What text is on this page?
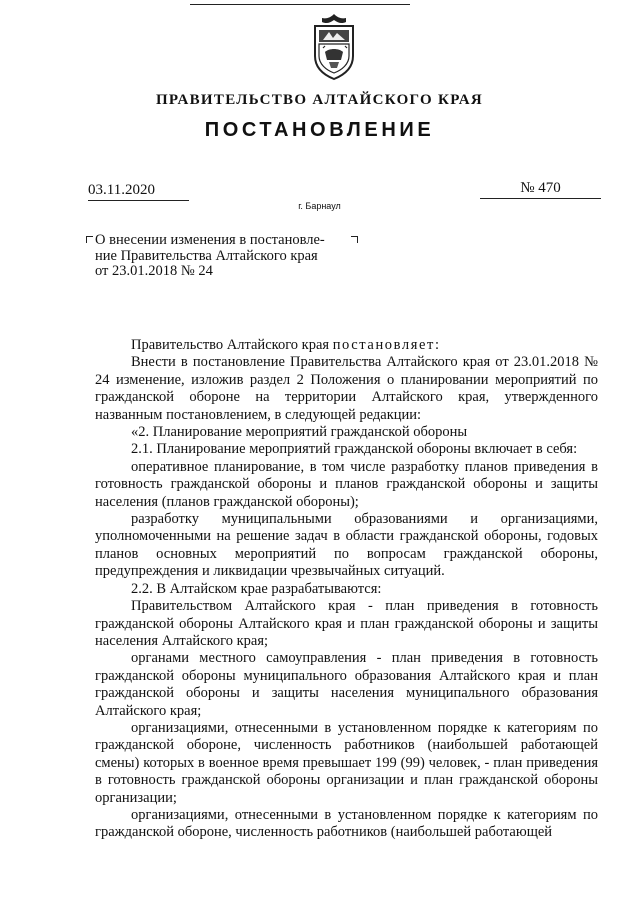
ПРАВИТЕЛЬСТВО АЛТАЙСКОГО КРАЯ
ПОСТАНОВЛЕНИЕ
03.11.2020	№ 470
г. Барнаул
О внесении изменения в постановле-
ние Правительства Алтайского края
от 23.01.2018 № 24

Правительство Алтайского края постановляет:

Внести в постановление Правительства Алтайского края от 23.01.2018 № 24 изменение, изложив раздел 2 Положения о планировании мероприятий по гражданской обороне на территории Алтайского края, утвержденного названным постановлением, в следующей редакции:

«2. Планирование мероприятий гражданской обороны

2.1. Планирование мероприятий гражданской обороны включает в себя:

оперативное планирование, в том числе разработку планов приведения в готовность гражданской обороны и планов гражданской обороны и защиты населения (планов гражданской обороны);

разработку муниципальными образованиями и организациями, уполномоченными на решение задач в области гражданской обороны, годовых планов основных мероприятий по вопросам гражданской обороны, предупреждения и ликвидации чрезвычайных ситуаций.

2.2. В Алтайском крае разрабатываются:

Правительством Алтайского края - план приведения в готовность гражданской обороны Алтайского края и план гражданской обороны и защиты населения Алтайского края;

органами местного самоуправления - план приведения в готовность гражданской обороны муниципального образования Алтайского края и план гражданской обороны и защиты населения муниципального образования Алтайского края;

организациями, отнесенными в установленном порядке к категориям по гражданской обороне, численность работников (наибольшей работающей смены) которых в военное время превышает 199 (99) человек, - план приведения в готовность гражданской обороны организации и план гражданской обороны организации;

организациями, отнесенными в установленном порядке к категориям по гражданской обороне, численность работников (наибольшей работающей
